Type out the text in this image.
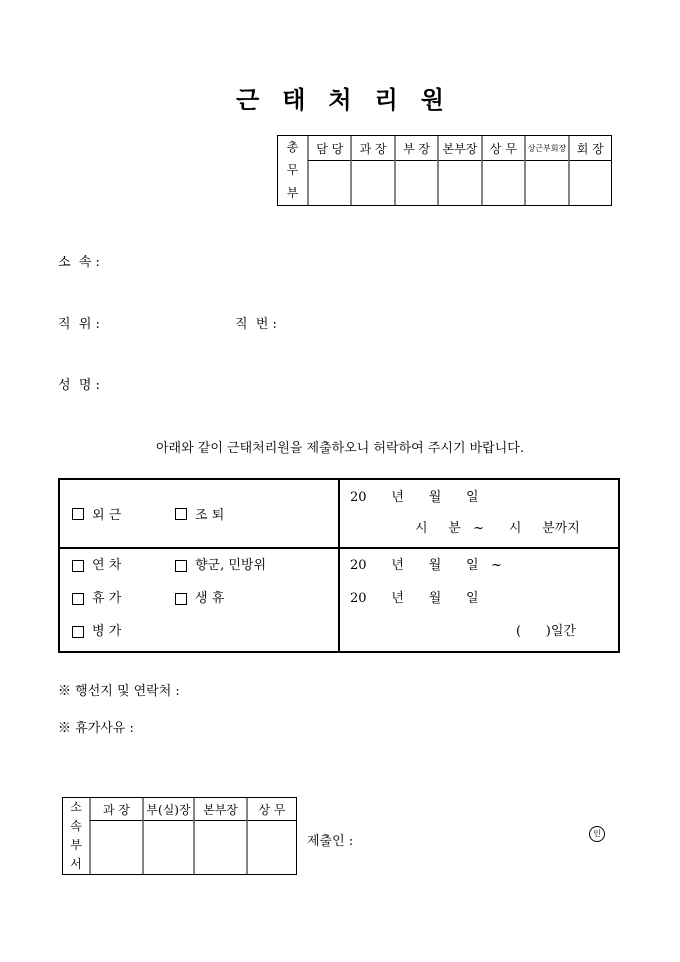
근태처리원
총무부
담 당	과 장	부 장	본부장	상 무	상근부회장 회 장
소  속 :
직  위 :	직  번 :
성  명 :
아래와 같이 근태처리원을 제출하오니 허락하여 주시기 바랍니다.
외 근	조 퇴
20      년      월      일
시     분   ~      시     분까지
연 차	향군, 민방위
휴 가	생 휴
병 가
20      년      월      일   ~
20      년      월      일
(      )일간
※ 행선지 및 연락처 :
※ 휴가사유 :
소속부서
과 장	부(실)장	본부장	상 무
제출인 :
인
